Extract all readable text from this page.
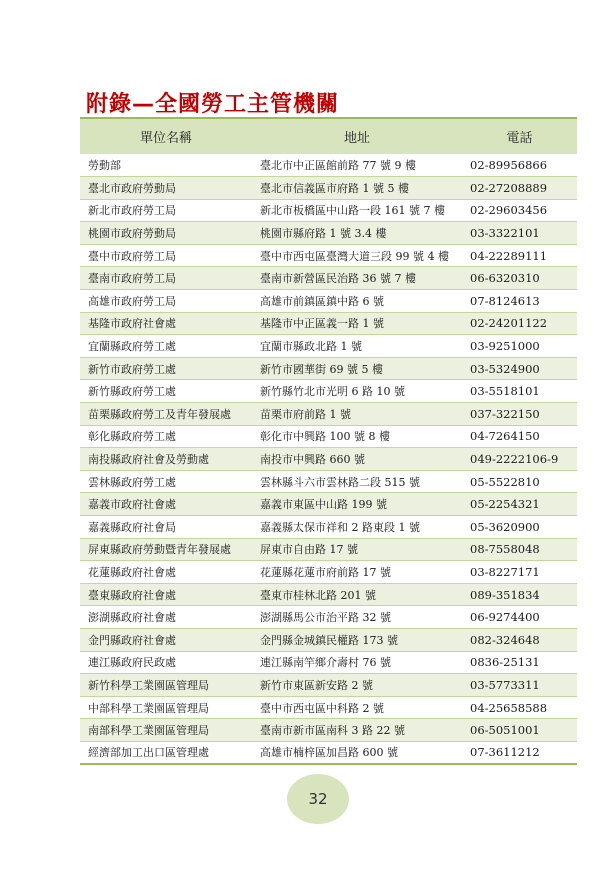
附錄—全國勞工主管機關
單位名稱	地址	電話
勞動部	臺北市中正區館前路 77 號 9 樓	02-89956866
臺北市政府勞動局	臺北市信義區市府路 1 號 5 樓	02-27208889
新北市政府勞工局	新北市板橋區中山路一段 161 號 7 樓	02-29603456
桃園市政府勞動局	桃園市縣府路 1 號 3.4 樓	03-3322101
臺中市政府勞工局	臺中市西屯區臺灣大道三段 99 號 4 樓	04-22289111
臺南市政府勞工局	臺南市新營區民治路 36 號 7 樓	06-6320310
高雄市政府勞工局	高雄市前鎮區鎮中路 6 號	07-8124613
基隆市政府社會處	基隆市中正區義一路 1 號	02-24201122
宜蘭縣政府勞工處	宜蘭市縣政北路 1 號	03-9251000
新竹市政府勞工處	新竹市國華街 69 號 5 樓	03-5324900
新竹縣政府勞工處	新竹縣竹北市光明 6 路 10 號	03-5518101
苗栗縣政府勞工及青年發展處	苗栗市府前路 1 號	037-322150
彰化縣政府勞工處	彰化市中興路 100 號 8 樓	04-7264150
南投縣政府社會及勞動處	南投市中興路 660 號	049-2222106-9
雲林縣政府勞工處	雲林縣斗六市雲林路二段 515 號	05-5522810
嘉義市政府社會處	嘉義市東區中山路 199 號	05-2254321
嘉義縣政府社會局	嘉義縣太保市祥和 2 路東段 1 號	05-3620900
屏東縣政府勞動暨青年發展處	屏東市自由路 17 號	08-7558048
花蓮縣政府社會處	花蓮縣花蓮市府前路 17 號	03-8227171
臺東縣政府社會處	臺東市桂林北路 201 號	089-351834
澎湖縣政府社會處	澎湖縣馬公市治平路 32 號	06-9274400
金門縣政府社會處	金門縣金城鎮民權路 173 號	082-324648
連江縣政府民政處	連江縣南竿鄉介壽村 76 號	0836-25131
新竹科學工業園區管理局	新竹市東區新安路 2 號	03-5773311
中部科學工業園區管理局	臺中市西屯區中科路 2 號	04-25658588
南部科學工業園區管理局	臺南市新市區南科 3 路 22 號	06-5051001
經濟部加工出口區管理處	高雄市楠梓區加昌路 600 號	07-3611212
32
